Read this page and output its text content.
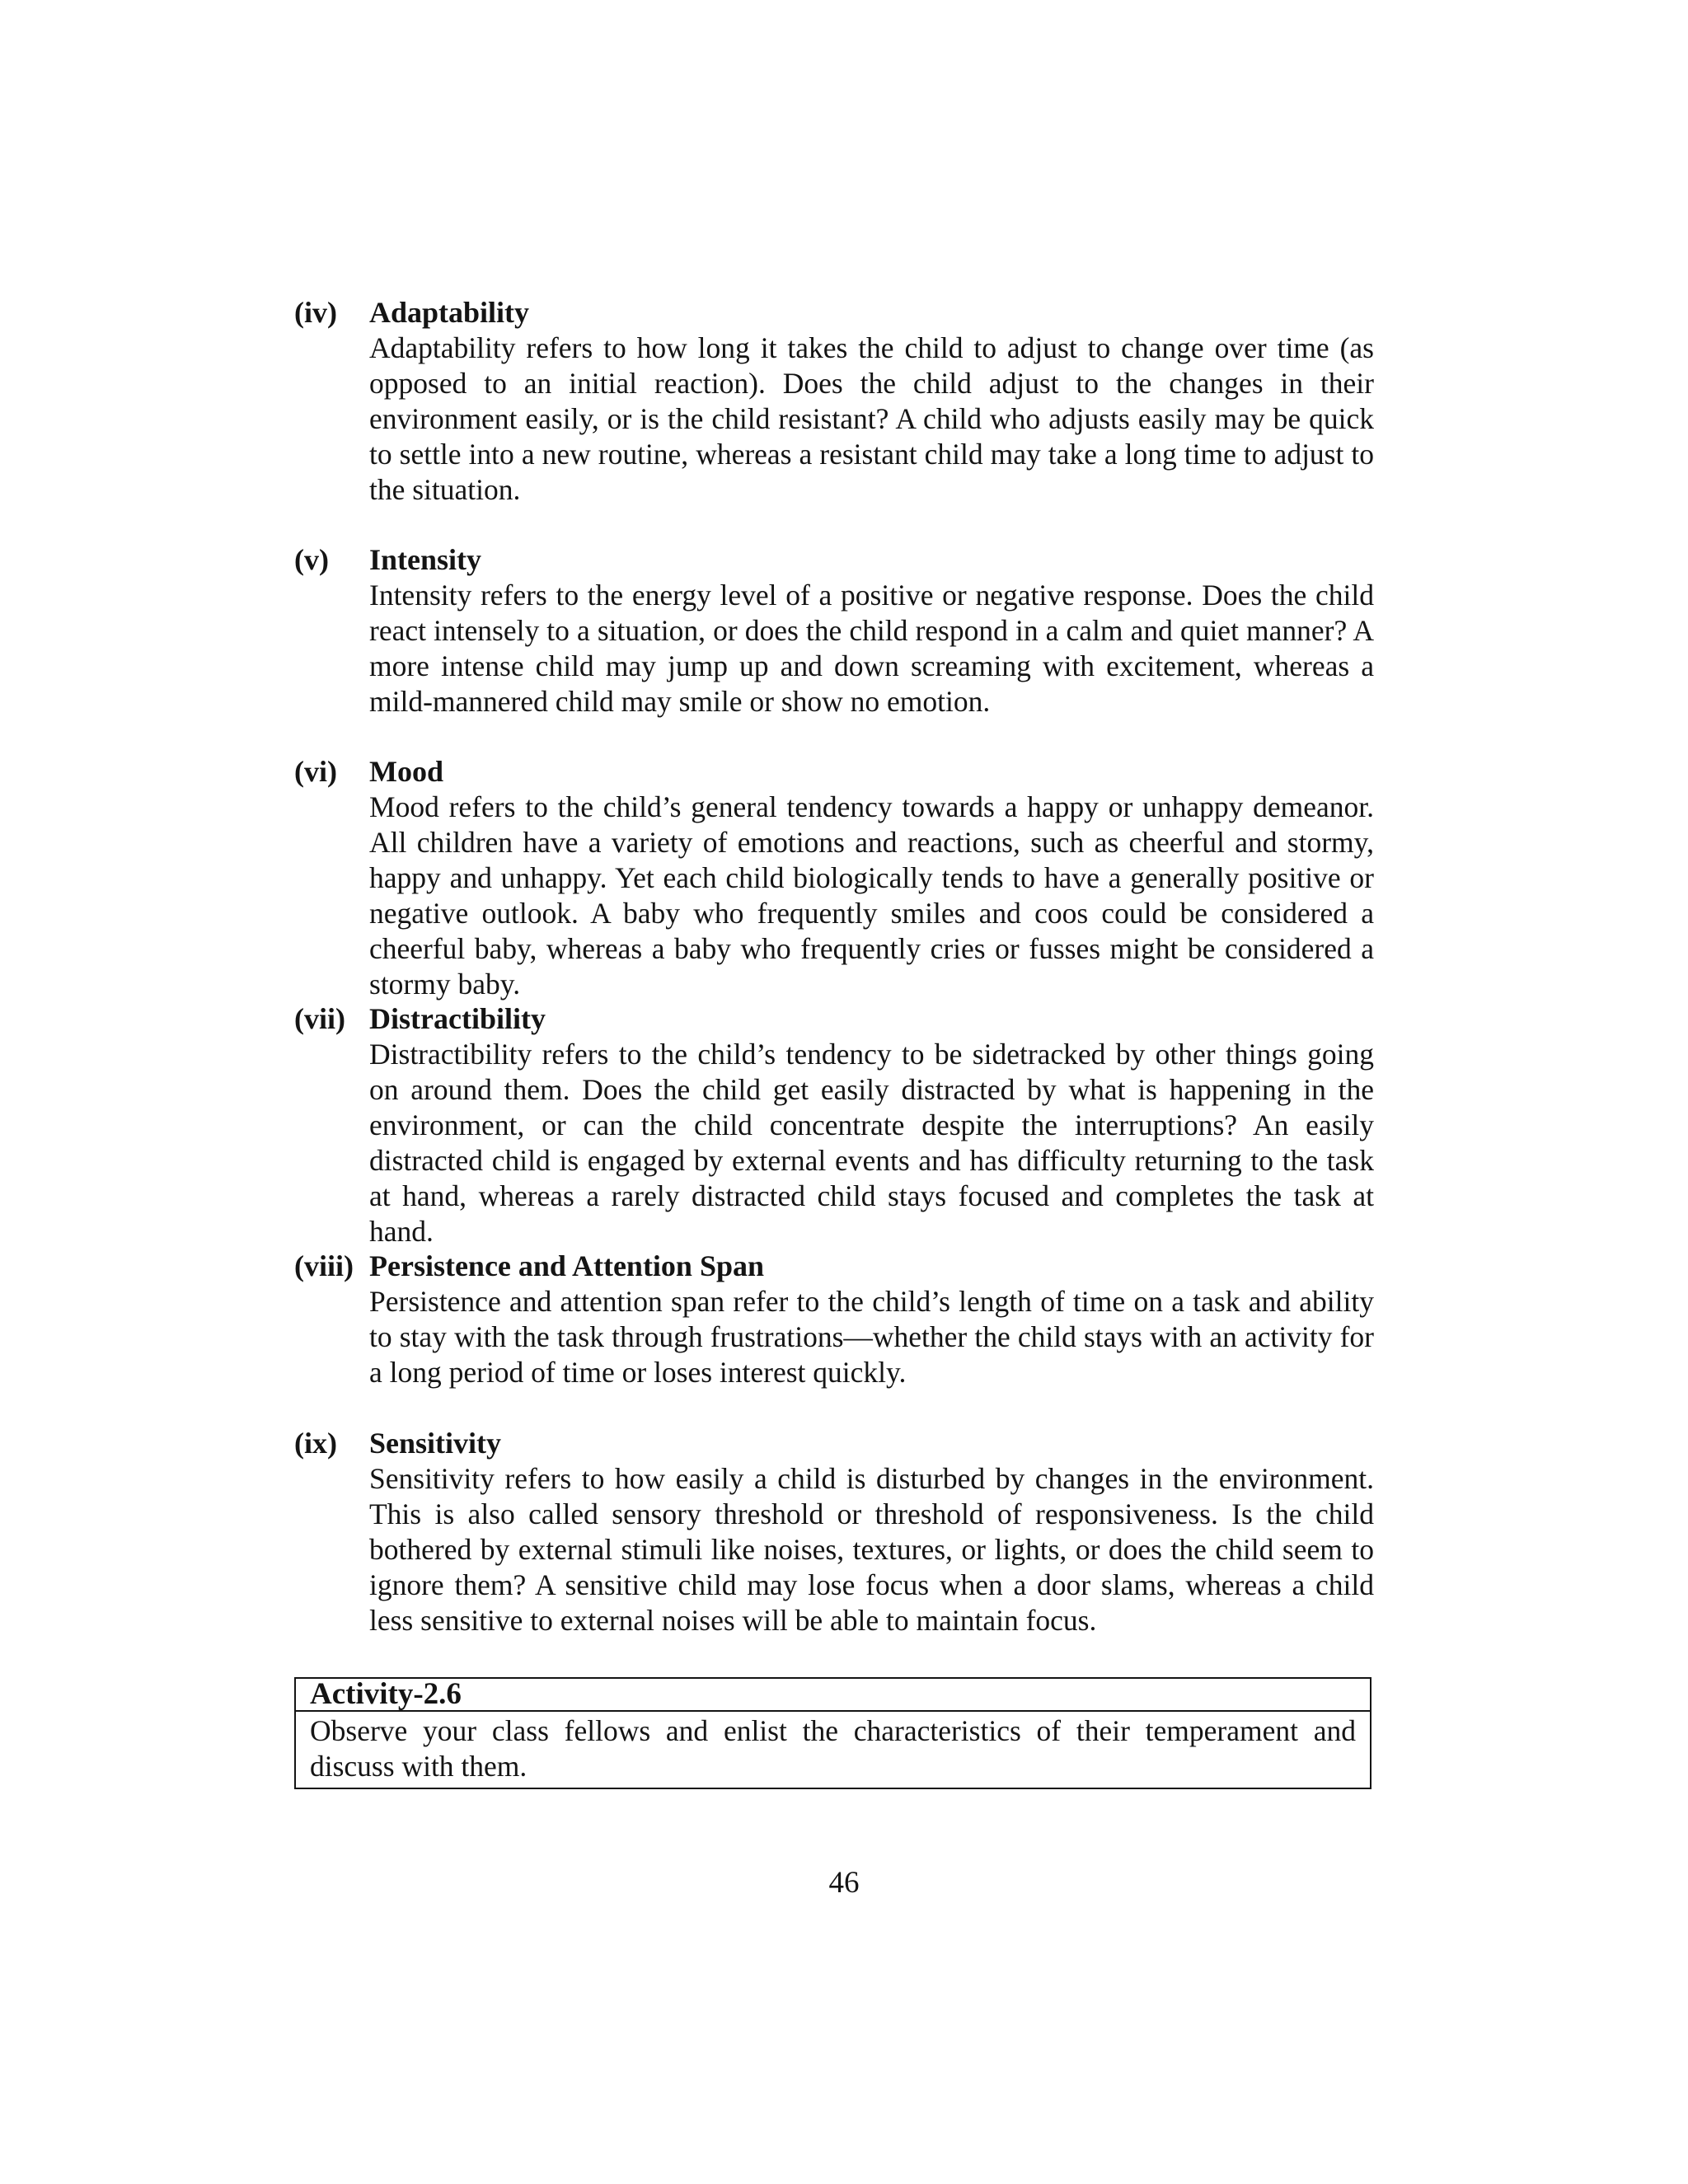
(iv) Adaptability
Adaptability refers to how long it takes the child to adjust to change over time (as opposed to an initial reaction). Does the child adjust to the changes in their environment easily, or is the child resistant? A child who adjusts easily may be quick to settle into a new routine, whereas a resistant child may take a long time to adjust to the situation.
(v) Intensity
Intensity refers to the energy level of a positive or negative response. Does the child react intensely to a situation, or does the child respond in a calm and quiet manner? A more intense child may jump up and down screaming with excitement, whereas a mild-mannered child may smile or show no emotion.
(vi) Mood
Mood refers to the child’s general tendency towards a happy or unhappy demeanor. All children have a variety of emotions and reactions, such as cheerful and stormy, happy and unhappy. Yet each child biologically tends to have a generally positive or negative outlook. A baby who frequently smiles and coos could be considered a cheerful baby, whereas a baby who frequently cries or fusses might be considered a stormy baby.
(vii) Distractibility
Distractibility refers to the child’s tendency to be sidetracked by other things going on around them. Does the child get easily distracted by what is happening in the environment, or can the child concentrate despite the interruptions? An easily distracted child is engaged by external events and has difficulty returning to the task at hand, whereas a rarely distracted child stays focused and completes the task at hand.
(viii) Persistence and Attention Span
Persistence and attention span refer to the child’s length of time on a task and ability to stay with the task through frustrations—whether the child stays with an activity for a long period of time or loses interest quickly.
(ix) Sensitivity
Sensitivity refers to how easily a child is disturbed by changes in the environment. This is also called sensory threshold or threshold of responsiveness. Is the child bothered by external stimuli like noises, textures, or lights, or does the child seem to ignore them? A sensitive child may lose focus when a door slams, whereas a child less sensitive to external noises will be able to maintain focus.
Activity-2.6
Observe your class fellows and enlist the characteristics of their temperament and discuss with them.
46
